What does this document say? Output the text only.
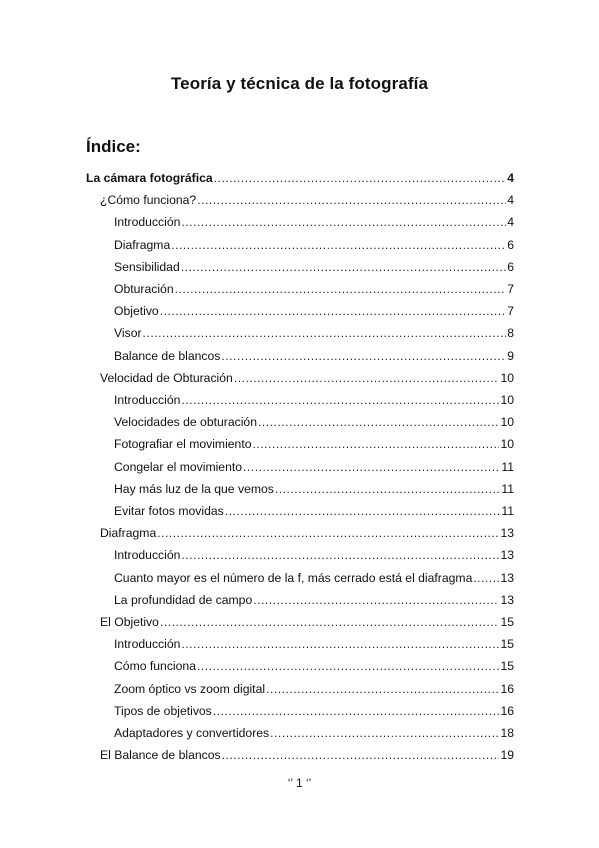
Teoría y técnica de la fotografía
Índice:
La cámara fotográfica .....	4
¿Cómo funciona? .....	4
Introducción .....	4
Diafragma .....	6
Sensibilidad .....	6
Obturación .....	7
Objetivo .....	7
Visor .....	8
Balance de blancos .....	9
Velocidad de Obturación .....	10
Introducción .....	10
Velocidades de obturación .....	10
Fotografiar el movimiento .....	10
Congelar el movimiento .....	11
Hay más luz de la que vemos .....	11
Evitar fotos movidas .....	11
Diafragma .....	13
Introducción .....	13
Cuanto mayor es el número de la f, más cerrado está el diafragma ..... 13
La profundidad de campo .....	13
El Objetivo .....	15
Introducción .....	15
Cómo funciona .....	15
Zoom óptico vs zoom digital .....	16
Tipos de objetivos .....	16
Adaptadores y convertidores .....	18
El Balance de blancos .....	19
‘’ 1 ‘’
